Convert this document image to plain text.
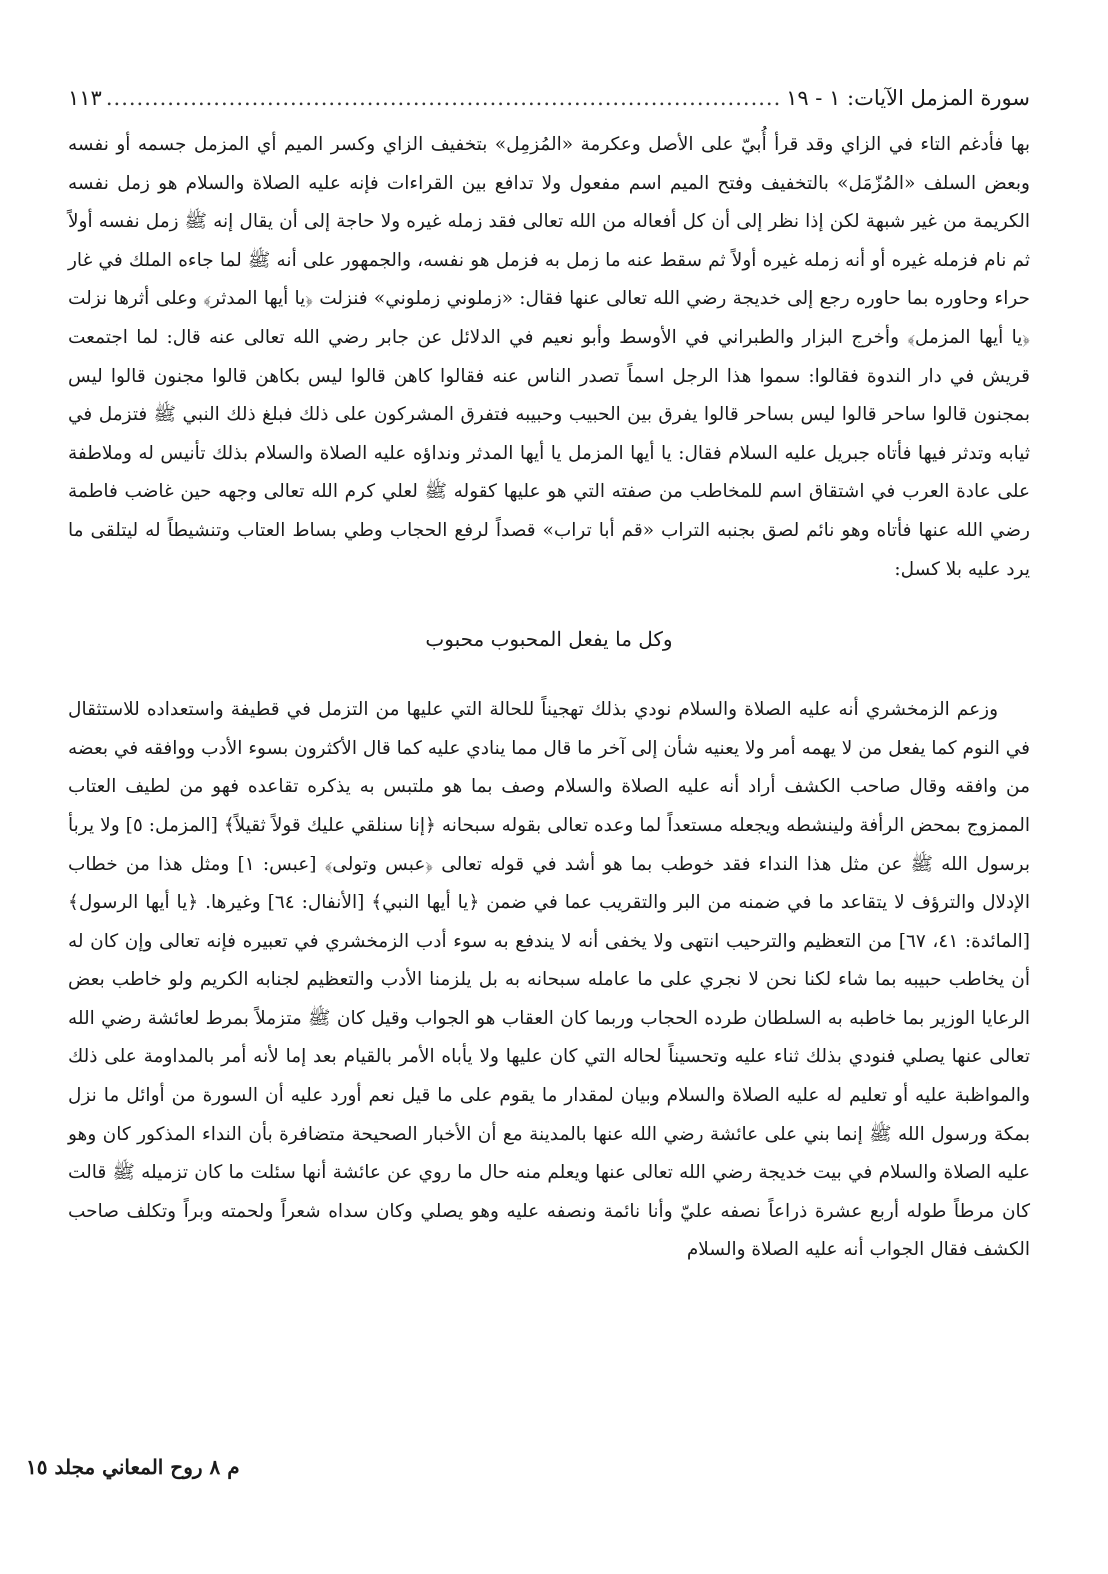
سورة المزمل الآيات: ١ - ١٩
.....
١١٣

بها فأدغم التاء في الزاي وقد قرأ أُبيّ على الأصل وعكرمة «المُزمِل» بتخفيف الزاي وكسر الميم أي المزمل جسمه أو نفسه وبعض السلف «المُزّمَل» بالتخفيف وفتح الميم اسم مفعول ولا تدافع بين القراءات فإنه عليه الصلاة والسلام هو زمل نفسه الكريمة من غير شبهة لكن إذا نظر إلى أن كل أفعاله من الله تعالى فقد زمله غيره ولا حاجة إلى أن يقال إنه ﷺ زمل نفسه أولاً ثم نام فزمله غيره أو أنه زمله غيره أولاً ثم سقط عنه ما زمل به فزمل هو نفسه، والجمهور على أنه ﷺ لما جاءه الملك في غار حراء وحاوره بما حاوره رجع إلى خديجة رضي الله تعالى عنها فقال: «زملوني زملوني» فنزلت ﴿يا أيها المدثر﴾ وعلى أثرها نزلت ﴿يا أيها المزمل﴾ وأخرج البزار والطبراني في الأوسط وأبو نعيم في الدلائل عن جابر رضي الله تعالى عنه قال: لما اجتمعت قريش في دار الندوة فقالوا: سموا هذا الرجل اسماً تصدر الناس عنه فقالوا كاهن قالوا ليس بكاهن قالوا مجنون قالوا ليس بمجنون قالوا ساحر قالوا ليس بساحر قالوا يفرق بين الحبيب وحبيبه فتفرق المشركون على ذلك فبلغ ذلك النبي ﷺ فتزمل في ثيابه وتدثر فيها فأتاه جبريل عليه السلام فقال: يا أيها المزمل يا أيها المدثر ونداؤه عليه الصلاة والسلام بذلك تأنيس له وملاطفة على عادة العرب في اشتقاق اسم للمخاطب من صفته التي هو عليها كقوله ﷺ لعلي كرم الله تعالى وجهه حين غاضب فاطمة رضي الله عنها فأتاه وهو نائم لصق بجنبه التراب «قم أبا تراب» قصداً لرفع الحجاب وطي بساط العتاب وتنشيطاً له ليتلقى ما يرد عليه بلا كسل:

وكل ما يفعل المحبوب محبوب

وزعم الزمخشري أنه عليه الصلاة والسلام نودي بذلك تهجيناً للحالة التي عليها من التزمل في قطيفة واستعداده للاستثقال في النوم كما يفعل من لا يهمه أمر ولا يعنيه شأن إلى آخر ما قال مما ينادي عليه كما قال الأكثرون بسوء الأدب ووافقه في بعضه من وافقه وقال صاحب الكشف أراد أنه عليه الصلاة والسلام وصف بما هو ملتبس به يذكره تقاعده فهو من لطيف العتاب الممزوج بمحض الرأفة ولينشطه ويجعله مستعداً لما وعده تعالى بقوله سبحانه ﴿إنا سنلقي عليك قولاً ثقيلاً﴾ [المزمل: ٥] ولا يربأ برسول الله ﷺ عن مثل هذا النداء فقد خوطب بما هو أشد في قوله تعالى ﴿عبس وتولى﴾ [عبس: ١] ومثل هذا من خطاب الإدلال والترؤف لا يتقاعد ما في ضمنه من البر والتقريب عما في ضمن ﴿يا أيها النبي﴾ [الأنفال: ٦٤] وغيرها. ﴿يا أيها الرسول﴾ [المائدة: ٤١، ٦٧] من التعظيم والترحيب انتهى ولا يخفى أنه لا يندفع به سوء أدب الزمخشري في تعبيره فإنه تعالى وإن كان له أن يخاطب حبيبه بما شاء لكنا نحن لا نجري على ما عامله سبحانه به بل يلزمنا الأدب والتعظيم لجنابه الكريم ولو خاطب بعض الرعايا الوزير بما خاطبه به السلطان طرده الحجاب وربما كان العقاب هو الجواب وقيل كان ﷺ متزملاً بمرط لعائشة رضي الله تعالى عنها يصلي فنودي بذلك ثناء عليه وتحسيناً لحاله التي كان عليها ولا يأباه الأمر بالقيام بعد إما لأنه أمر بالمداومة على ذلك والمواظبة عليه أو تعليم له عليه الصلاة والسلام وبيان لمقدار ما يقوم على ما قيل نعم أورد عليه أن السورة من أوائل ما نزل بمكة ورسول الله ﷺ إنما بني على عائشة رضي الله عنها بالمدينة مع أن الأخبار الصحيحة متضافرة بأن النداء المذكور كان وهو عليه الصلاة والسلام في بيت خديجة رضي الله تعالى عنها ويعلم منه حال ما روي عن عائشة أنها سئلت ما كان تزميله ﷺ قالت كان مرطاً طوله أربع عشرة ذراعاً نصفه عليّ وأنا نائمة ونصفه عليه وهو يصلي وكان سداه شعراً ولحمته وبراً وتكلف صاحب الكشف فقال الجواب أنه عليه الصلاة والسلام

م ٨ روح المعاني مجلد ١٥
